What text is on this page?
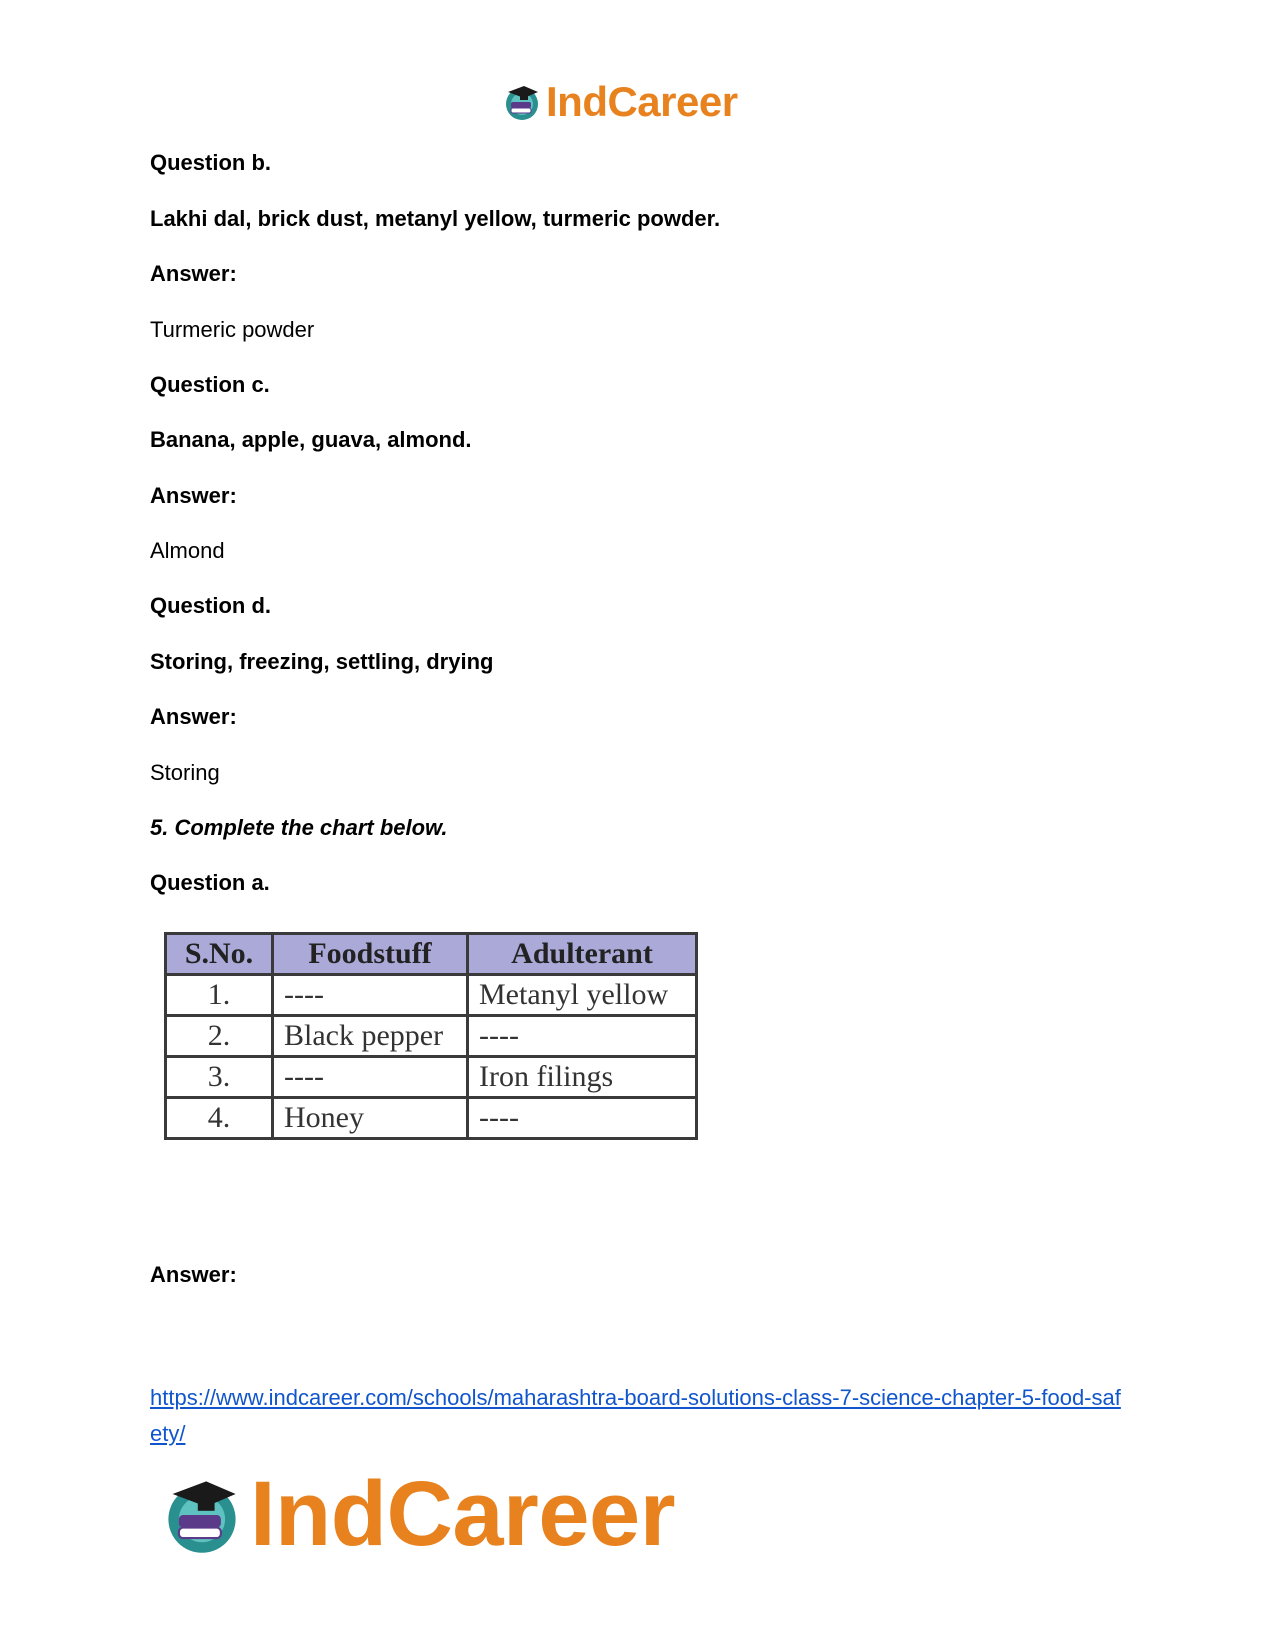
IndCareer

Question b.

Lakhi dal, brick dust, metanyl yellow, turmeric powder.

Answer:

Turmeric powder

Question c.

Banana, apple, guava, almond.

Answer:

Almond

Question d.

Storing, freezing, settling, drying

Answer:

Storing

5. Complete the chart below.

Question a.

S.No.	Foodstuff	Adulterant
1.	----	Metanyl yellow
2.	Black pepper	----
3.	----	Iron filings
4.	Honey	----

Answer:

https://www.indcareer.com/schools/maharashtra-board-solutions-class-7-science-chapter-5-food-safety/

IndCareer
